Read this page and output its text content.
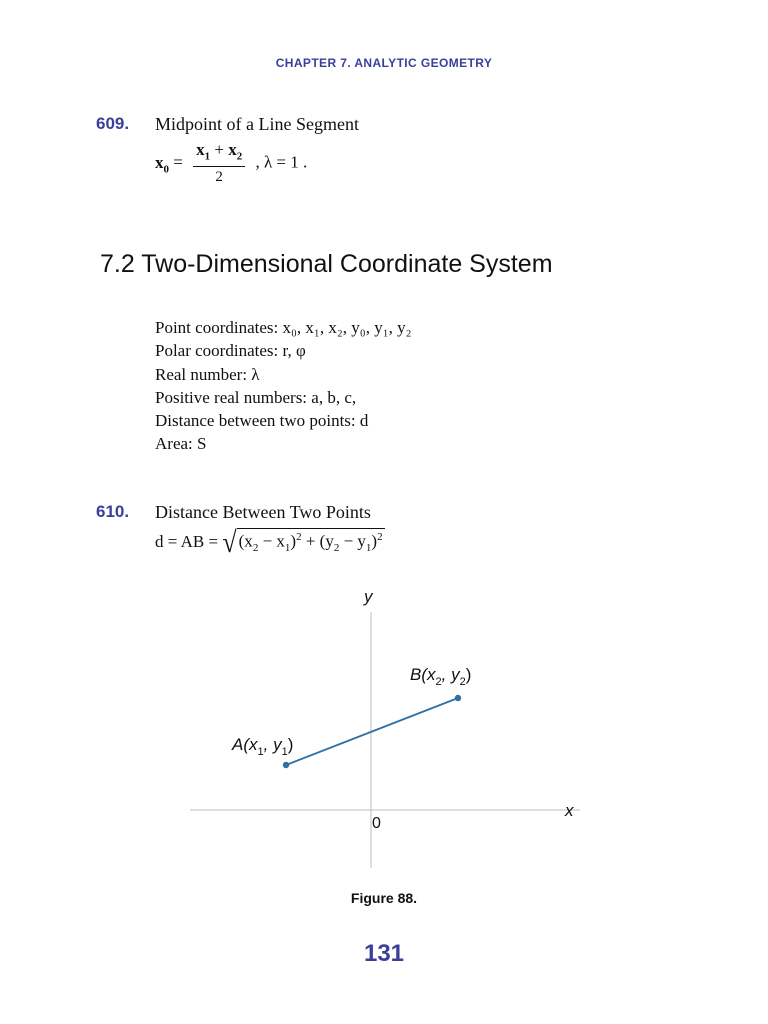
CHAPTER 7. ANALYTIC GEOMETRY
609. Midpoint of a Line Segment
$x_0 = \frac{x_1 + x_2}{2}$ , λ = 1 .
7.2 Two-Dimensional Coordinate System
Point coordinates: x₀, x₁, x₂, y₀, y₁, y₂
Polar coordinates: r, φ
Real number: λ
Positive real numbers: a, b, c,
Distance between two points: d
Area: S
610. Distance Between Two Points
d = AB = √ $(x_2 - x_1)^2 + (y_2 - y_1)^2$
y
x
0
$A(x_1$, $y_1$)
$B(x_2$, $y_2$)
Figure 88.
131
